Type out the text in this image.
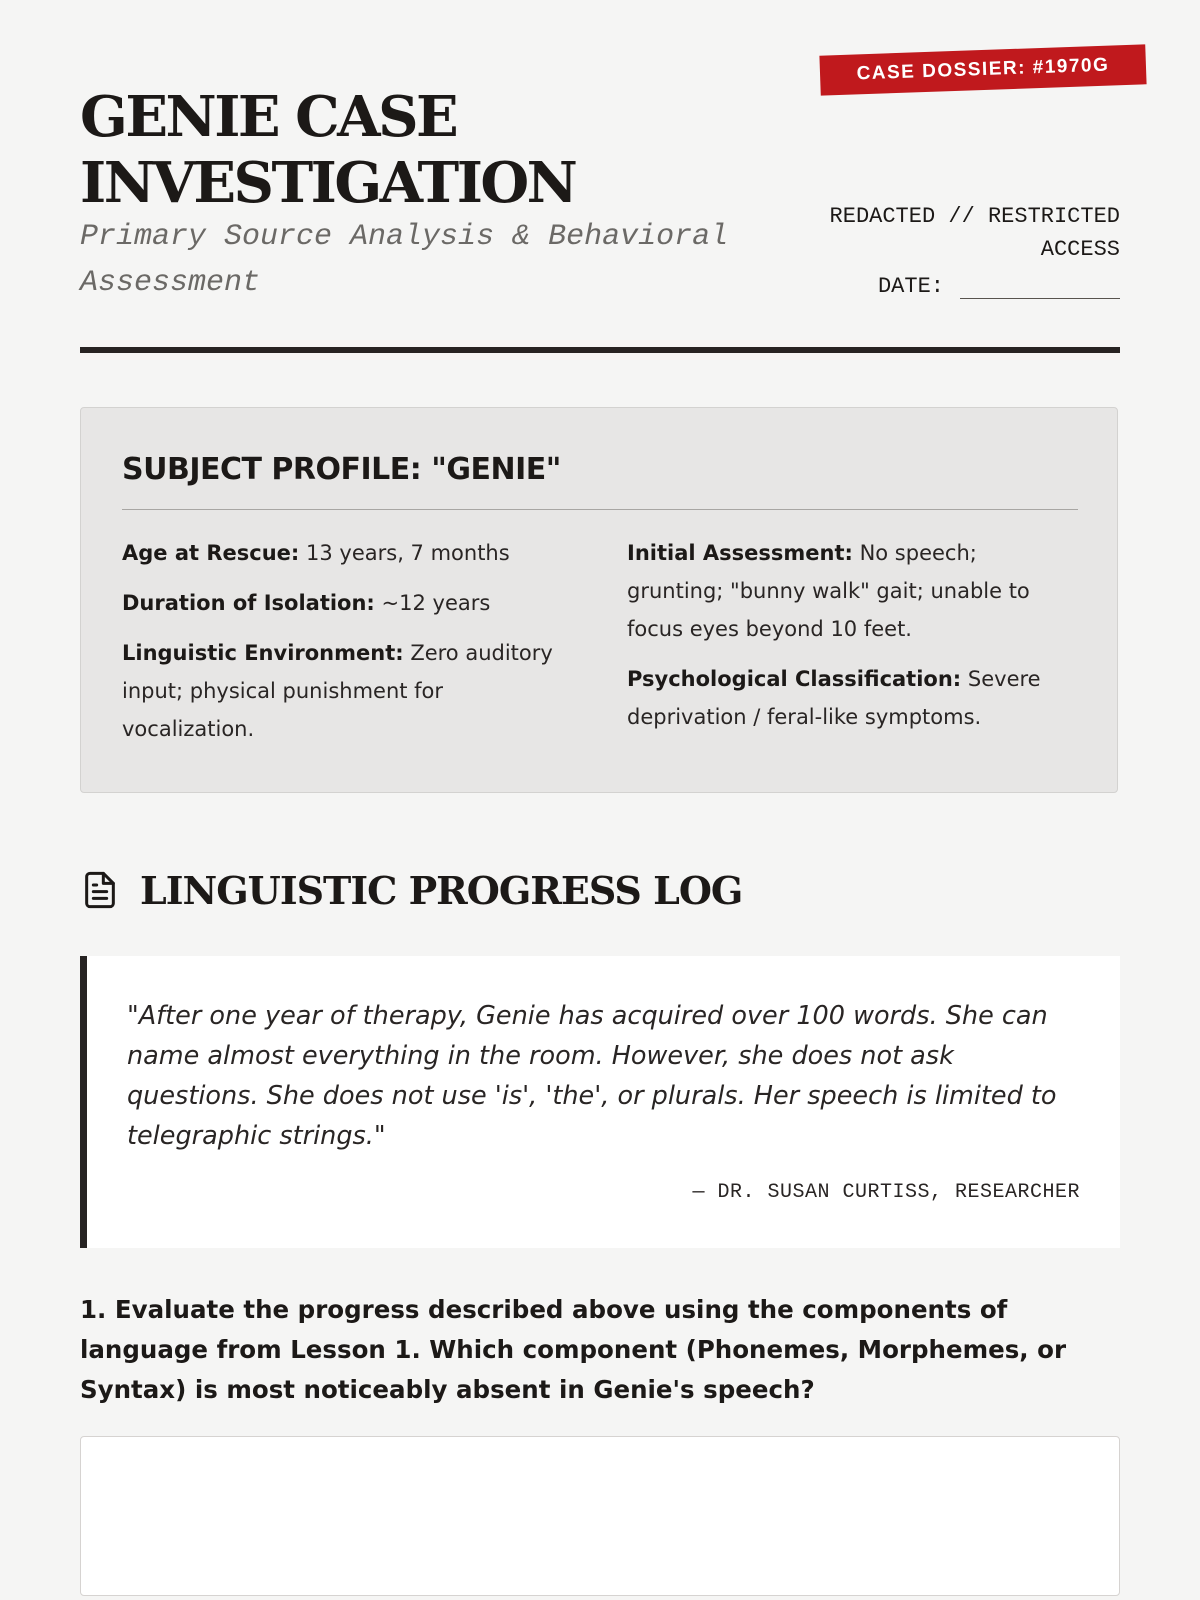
CASE DOSSIER: #1970G
GENIE CASE INVESTIGATION

Primary Source Analysis & Behavioral Assessment

REDACTED // RESTRICTED ACCESS
DATE:
SUBJECT PROFILE: "GENIE"

Age at Rescue: 13 years, 7 months

Duration of Isolation: ~12 years

Linguistic Environment: Zero auditory input; physical punishment for vocalization.

Initial Assessment: No speech; grunting; "bunny walk" gait; unable to focus eyes beyond 10 feet.

Psychological Classification: Severe deprivation / feral-like symptoms.

LINGUISTIC PROGRESS LOG

"After one year of therapy, Genie has acquired over 100 words. She can name almost everything in the room. However, she does not ask questions. She does not use 'is', 'the', or plurals. Her speech is limited to telegraphic strings."

— DR. SUSAN CURTISS, RESEARCHER

1. Evaluate the progress described above using the components of language from Lesson 1. Which component (Phonemes, Morphemes, or Syntax) is most noticeably absent in Genie's speech?
